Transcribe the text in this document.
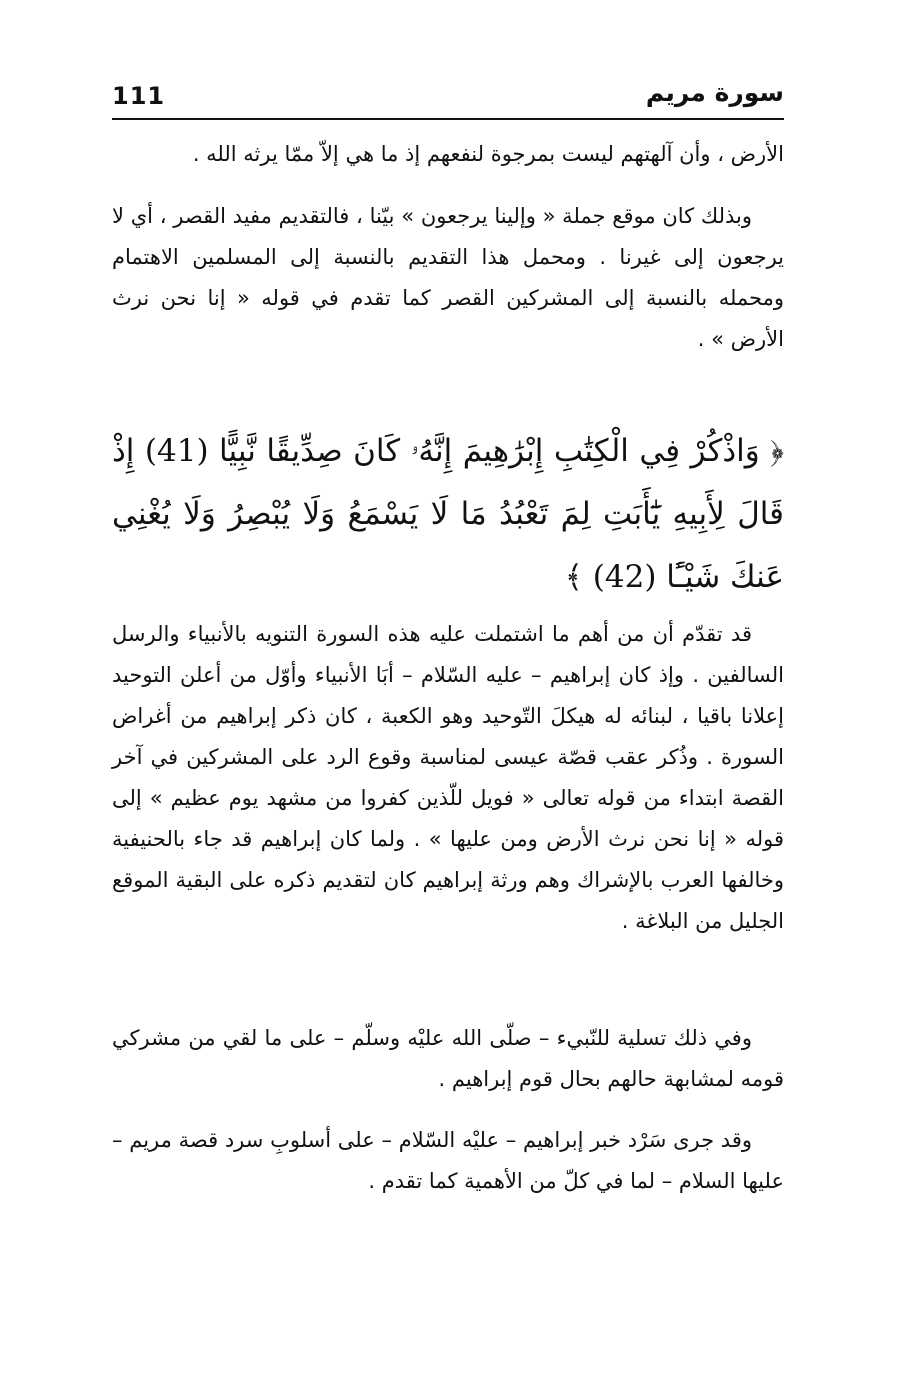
111	سورة مريم

الأرض ، وأن آلهتهم ليست بمرجوة لنفعهم إذ ما هي إلاّ ممّا يرثه الله .

وبذلك كان موقع جملة « وإلينا يرجعون » بيّنا ، فالتقديم مفيد القصر ، أي لا يرجعون إلى غيرنا . ومحمل هذا التقديم بالنسبة إلى المسلمين الاهتمام ومحمله بالنسبة إلى المشركين القصر كما تقدم في قوله « إنا نحن نرث الأرض » .

﴿ وَاذْكُرْ فِي الْكِتَٰبِ إِبْرَٰهِيمَ إِنَّهُۥ كَانَ صِدِّيقًا نَّبِيًّا (41) إِذْ قَالَ لِأَبِيهِ يَٰٓأَبَتِ لِمَ تَعْبُدُ مَا لَا يَسْمَعُ وَلَا يُبْصِرُ وَلَا يُغْنِي عَنكَ شَيْـًٔا (42) ﴾

قد تقدّم أن من أهم ما اشتملت عليه هذه السورة التنويه بالأنبياء والرسل السالفين . وإذ كان إبراهيم – عليه السّلام – أبَا الأنبياء وأوّل من أعلن التوحيد إعلانا باقيا ، لبنائه له هيكلَ التّوحيد وهو الكعبة ، كان ذكر إبراهيم من أغراض السورة . وذُكر عقب قصّة عيسى لمناسبة وقوع الرد على المشركين في آخر القصة ابتداء من قوله تعالى « فويل للّذين كفروا من مشهد يوم عظيم » إلى قوله « إنا نحن نرث الأرض ومن عليها » . ولما كان إبراهيم قد جاء بالحنيفية وخالفها العرب بالإشراك وهم ورثة إبراهيم كان لتقديم ذكره على البقية الموقع الجليل من البلاغة .

وفي ذلك تسلية للنّبيء – صلّى الله عليْه وسلّم – على ما لقي من مشركي قومه لمشابهة حالهم بحال قوم إبراهيم .

وقد جرى سَرْد خبر إبراهيم – عليْه السّلام – على أسلوبِ سرد قصة مريم – عليها السلام – لما في كلّ من الأهمية كما تقدم .
